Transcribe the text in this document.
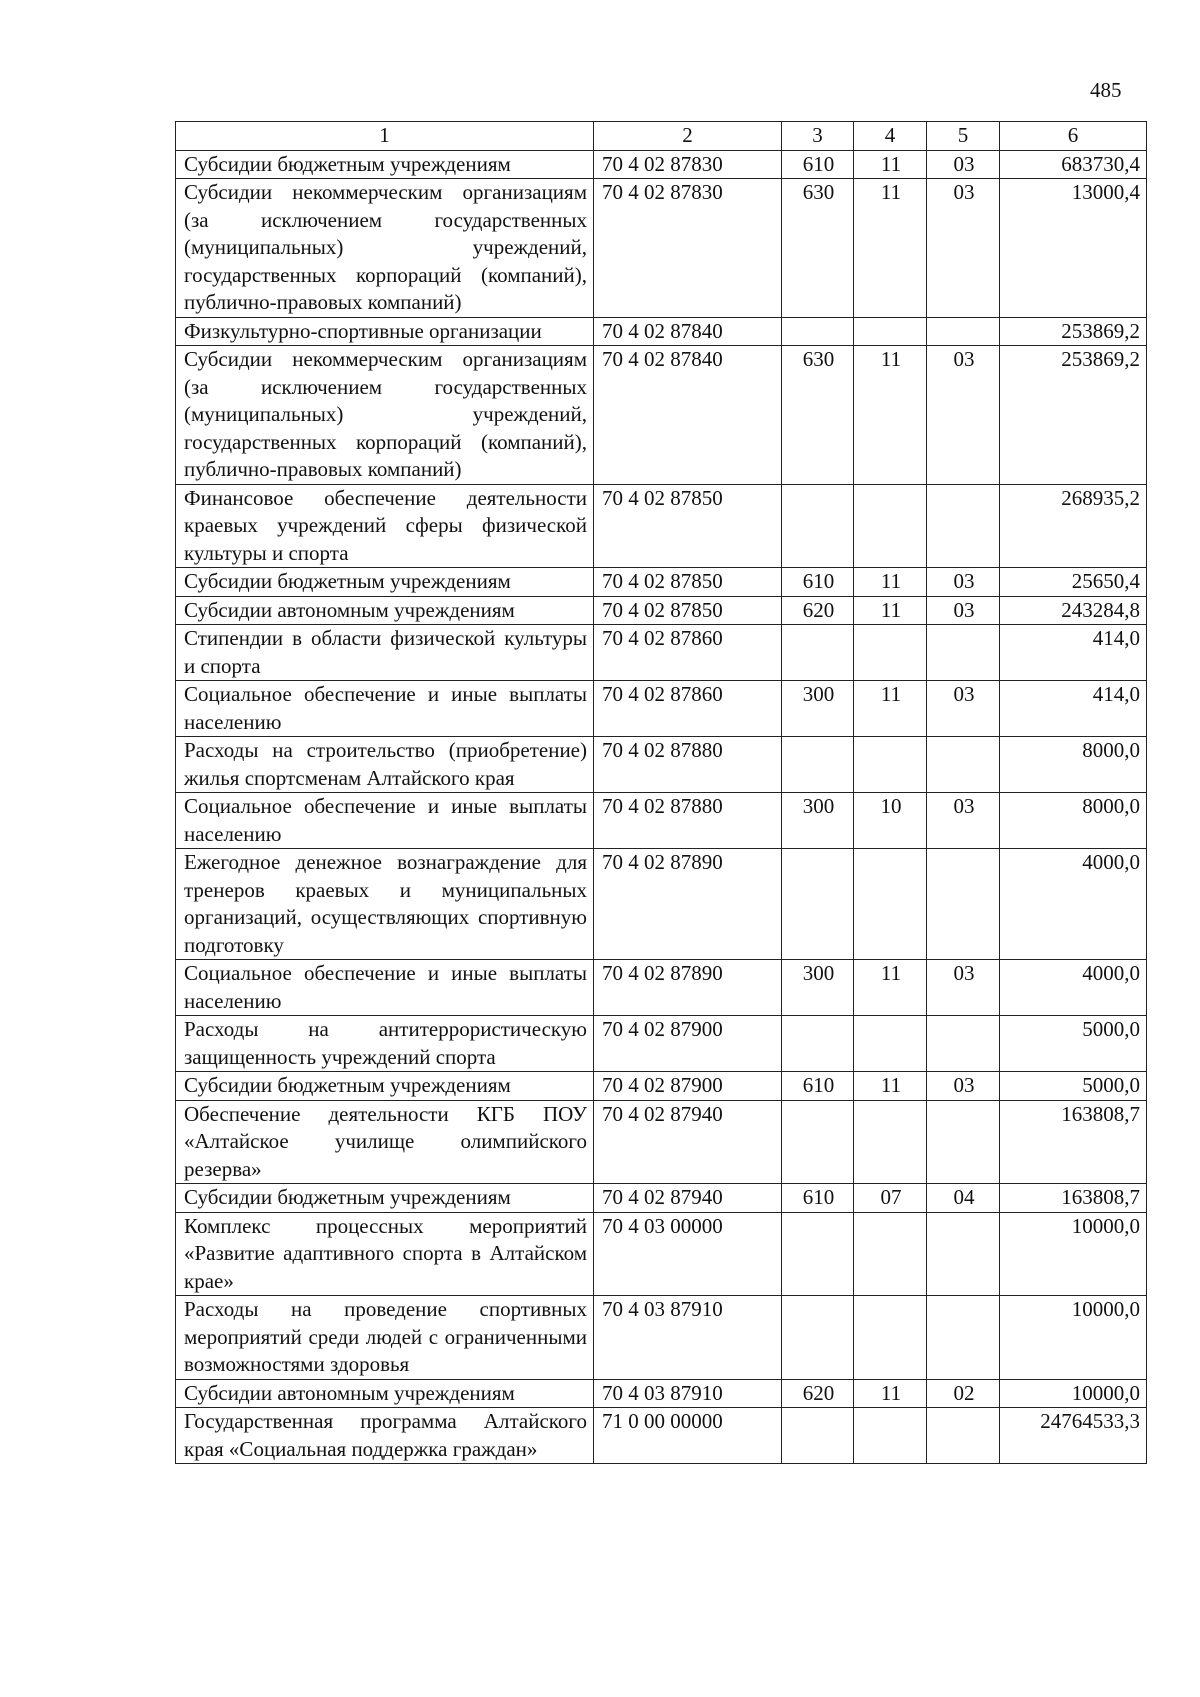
485
1	2	3	4	5	6
Субсидии бюджетным учреждениям	70 4 02 87830	610	11	03	683730,4
Субсидии некоммерческим организациям (за исключением государственных (муниципальных) учреждений, государственных корпораций (компаний), публично-правовых компаний)	70 4 02 87830	630	11	03	13000,4
Физкультурно-спортивные организации	70 4 02 87840				253869,2
Субсидии некоммерческим организациям (за исключением государственных (муниципальных) учреждений, государственных корпораций (компаний), публично-правовых компаний)	70 4 02 87840	630	11	03	253869,2
Финансовое обеспечение деятельности краевых учреждений сферы физической культуры и спорта	70 4 02 87850				268935,2
Субсидии бюджетным учреждениям	70 4 02 87850	610	11	03	25650,4
Субсидии автономным учреждениям	70 4 02 87850	620	11	03	243284,8
Стипендии в области физической культуры и спорта	70 4 02 87860				414,0
Социальное обеспечение и иные выплаты населению	70 4 02 87860	300	11	03	414,0
Расходы на строительство (приобретение) жилья спортсменам Алтайского края	70 4 02 87880				8000,0
Социальное обеспечение и иные выплаты населению	70 4 02 87880	300	10	03	8000,0
Ежегодное денежное вознаграждение для тренеров краевых и муниципальных организаций, осуществляющих спортивную подготовку	70 4 02 87890				4000,0
Социальное обеспечение и иные выплаты населению	70 4 02 87890	300	11	03	4000,0
Расходы на антитеррористическую защищенность учреждений спорта	70 4 02 87900				5000,0
Субсидии бюджетным учреждениям	70 4 02 87900	610	11	03	5000,0
Обеспечение деятельности КГБ ПОУ «Алтайское училище олимпийского резерва»	70 4 02 87940				163808,7
Субсидии бюджетным учреждениям	70 4 02 87940	610	07	04	163808,7
Комплекс процессных мероприятий «Развитие адаптивного спорта в Алтайском крае»	70 4 03 00000				10000,0
Расходы на проведение спортивных мероприятий среди людей с ограниченными возможностями здоровья	70 4 03 87910				10000,0
Субсидии автономным учреждениям	70 4 03 87910	620	11	02	10000,0
Государственная программа Алтайского края «Социальная поддержка граждан»	71 0 00 00000				24764533,3
